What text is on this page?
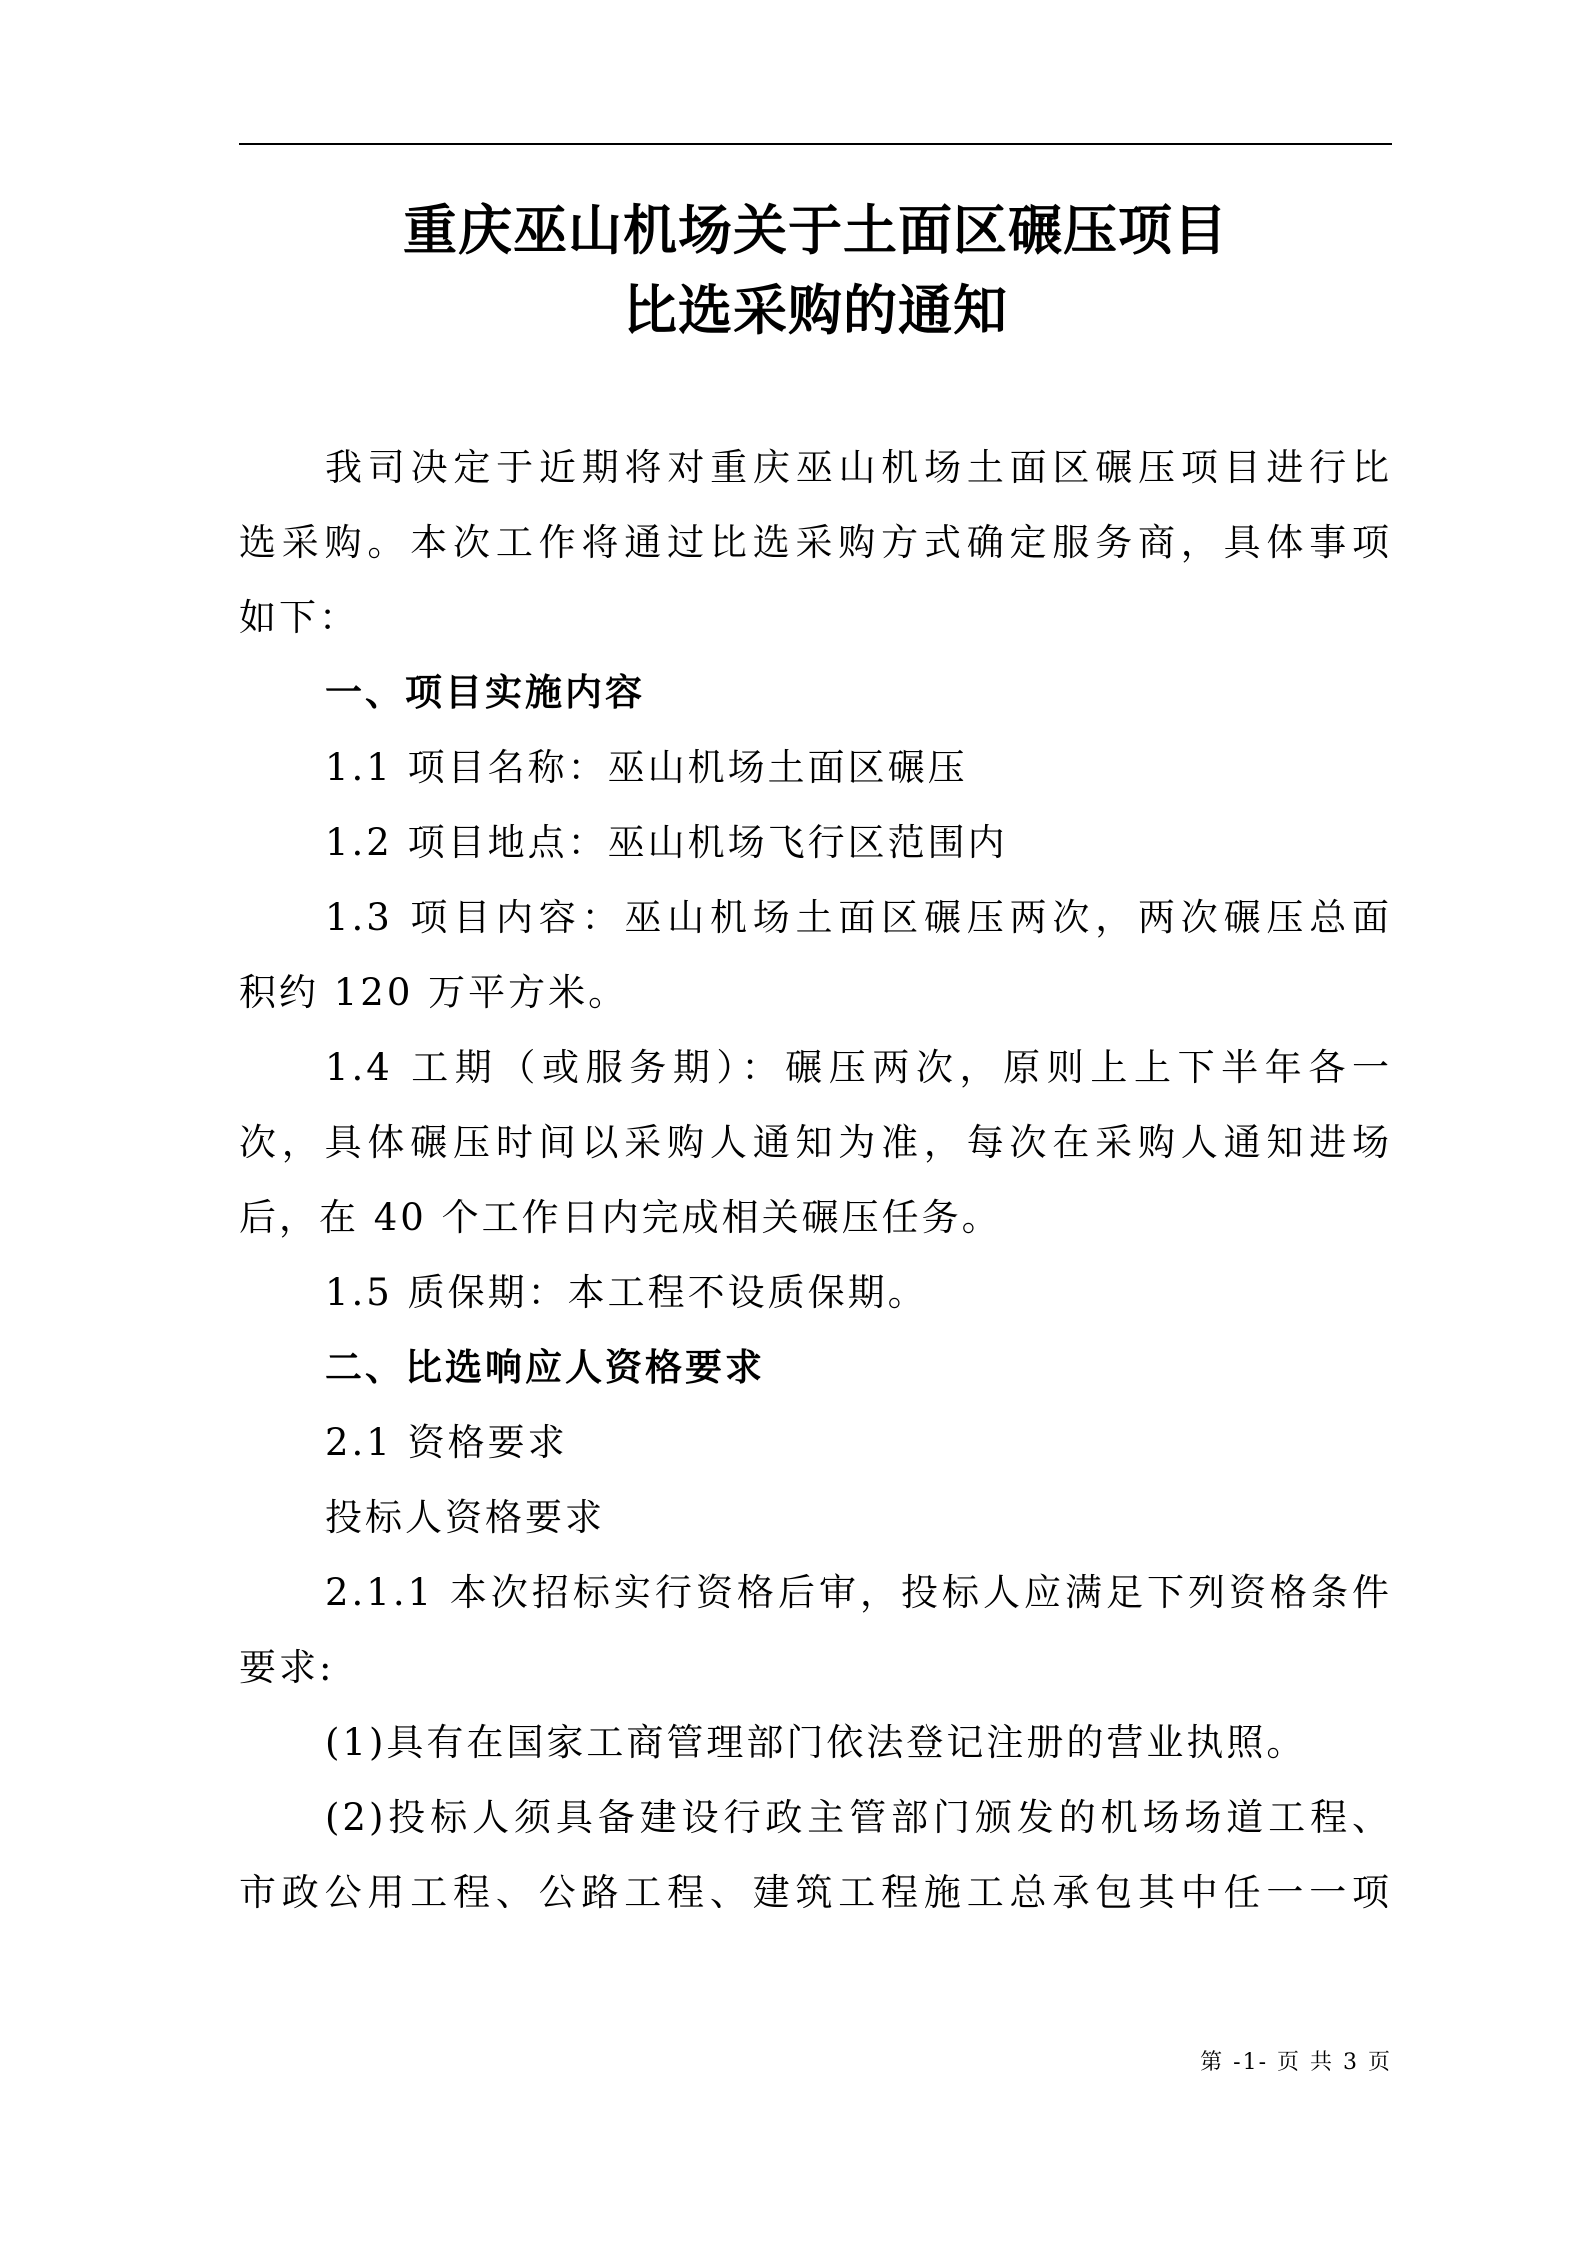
重庆巫山机场关于土面区碾压项目
比选采购的通知
我司决定于近期将对重庆巫山机场土面区碾压项目进行比
选采购。本次工作将通过比选采购方式确定服务商，具体事项
如下：
一、项目实施内容
1.1 项目名称：巫山机场土面区碾压
1.2 项目地点：巫山机场飞行区范围内
1.3 项目内容：巫山机场土面区碾压两次，两次碾压总面
积约 120 万平方米。
1.4 工期（或服务期）：碾压两次，原则上上下半年各一
次，具体碾压时间以采购人通知为准，每次在采购人通知进场
后，在 40 个工作日内完成相关碾压任务。
1.5 质保期：本工程不设质保期。
二、比选响应人资格要求
2.1 资格要求
投标人资格要求
2.1.1 本次招标实行资格后审，投标人应满足下列资格条件
要求:
(1)具有在国家工商管理部门依法登记注册的营业执照。
(2)投标人须具备建设行政主管部门颁发的机场场道工程、
市政公用工程、公路工程、建筑工程施工总承包其中任一一项
第 -1- 页 共 3 页
